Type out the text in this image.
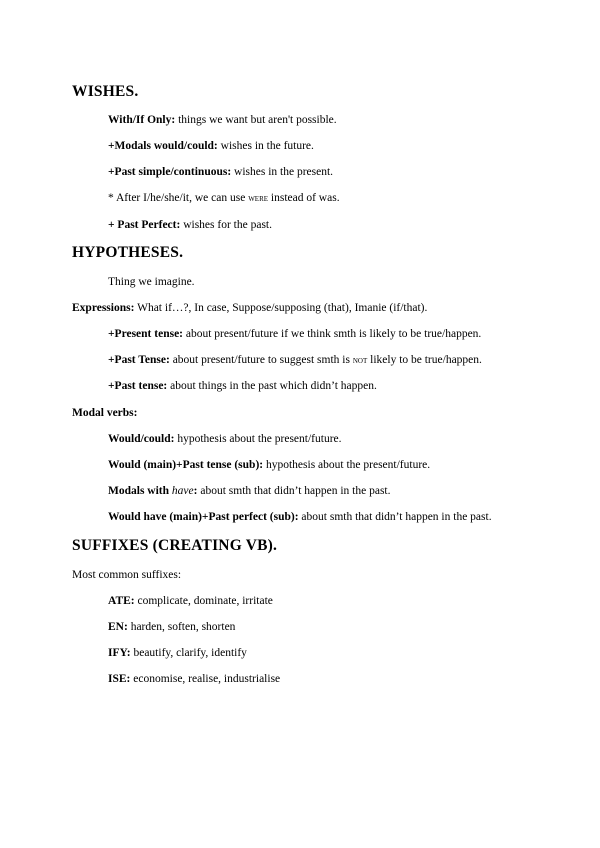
WISHES.
With/If Only: things we want but aren't possible.
+Modals would/could: wishes in the future.
+Past simple/continuous: wishes in the present.
* After I/he/she/it, we can use were instead of was.
+ Past Perfect: wishes for the past.
HYPOTHESES.
Thing we imagine.
Expressions: What if…?, In case, Suppose/supposing (that), Imanie (if/that).
+Present tense: about present/future if we think smth is likely to be true/happen.
+Past Tense: about present/future to suggest smth is not likely to be true/happen.
+Past tense: about things in the past which didn’t happen.
Modal verbs:
Would/could: hypothesis about the present/future.
Would (main)+Past tense (sub): hypothesis about the present/future.
Modals with have: about smth that didn’t happen in the past.
Would have (main)+Past perfect (sub): about smth that didn’t happen in the past.
SUFFIXES (CREATING VB).
Most common suffixes:
ATE: complicate, dominate, irritate
EN: harden, soften, shorten
IFY: beautify, clarify, identify
ISE: economise, realise, industrialise
